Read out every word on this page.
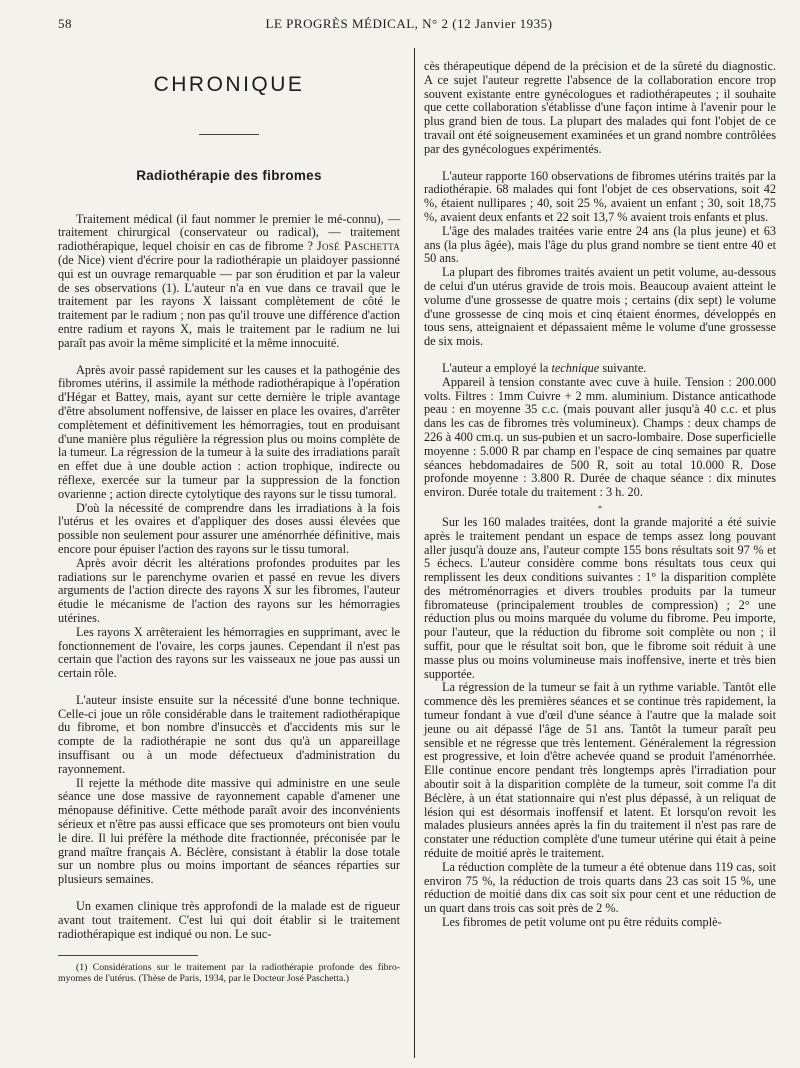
58	LE PROGRÈS MÉDICAL, N° 2 (12 Janvier 1935)
CHRONIQUE
Radiothérapie des fibromes

Traitement médical (il faut nommer le premier le mé-connu), — traitement chirurgical (conservateur ou radical), — traitement radiothérapique, lequel choisir en cas de fibrome ? José Paschetta (de Nice) vient d'écrire pour la radiothérapie un plaidoyer passionné qui est un ouvrage remarquable — par son érudition et par la valeur de ses observations (1). L'auteur n'a en vue dans ce travail que le traitement par les rayons X laissant complètement de côté le traitement par le radium ; non pas qu'il trouve une différence d'action entre radium et rayons X, mais le traitement par le radium ne lui paraît pas avoir la même simplicité et la même innocuité.

Après avoir passé rapidement sur les causes et la pathogénie des fibromes utérins, il assimile la méthode radiothérapique à l'opération d'Hégar et Battey, mais, ayant sur cette dernière le triple avantage d'être absolument noffensive, de laisser en place les ovaires, d'arrêter complètement et définitivement les hémorragies, tout en produisant d'une manière plus régulière la régression plus ou moins complète de la tumeur. La régression de la tumeur à la suite des irradiations paraît en effet due à une double action : action trophique, indirecte ou réflexe, exercée sur la tumeur par la suppression de la fonction ovarienne ; action directe cytolytique des rayons sur le tissu tumoral.

D'où la nécessité de comprendre dans les irradiations à la fois l'utérus et les ovaires et d'appliquer des doses aussi élevées que possible non seulement pour assurer une aménorrhée définitive, mais encore pour épuiser l'action des rayons sur le tissu tumoral.

Après avoir décrit les altérations profondes produites par les radiations sur le parenchyme ovarien et passé en revue les divers arguments de l'action directe des rayons X sur les fibromes, l'auteur étudie le mécanisme de l'action des rayons sur les hémorragies utérines.

Les rayons X arrêteraient les hémorragies en supprimant, avec le fonctionnement de l'ovaire, les corps jaunes. Cependant il n'est pas certain que l'action des rayons sur les vaisseaux ne joue pas aussi un certain rôle.

L'auteur insiste ensuite sur la nécessité d'une bonne technique. Celle-ci joue un rôle considérable dans le traitement radiothérapique du fibrome, et bon nombre d'insuccès et d'accidents mis sur le compte de la radiothérapie ne sont dus qu'à un appareillage insuffisant ou à un mode défectueux d'administration du rayonnement.

Il rejette la méthode dite massive qui administre en une seule séance une dose massive de rayonnement capable d'amener une ménopause définitive. Cette méthode paraît avoir des inconvénients sérieux et n'être pas aussi efficace que ses promoteurs ont bien voulu le dire. Il lui préfère la méthode dite fractionnée, préconisée par le grand maître français A. Béclère, consistant à établir la dose totale sur un nombre plus ou moins important de séances réparties sur plusieurs semaines.

Un examen clinique très approfondi de la malade est de rigueur avant tout traitement. C'est lui qui doit établir si le traitement radiothérapique est indiqué ou non. Le suc-

(1) Considérations sur le traitement par la radiothérapie profonde des fibro-myomes de l'utérus. (Thèse de Paris, 1934, par le Docteur José Paschetta.)

cès thérapeutique dépend de la précision et de la sûreté du diagnostic. A ce sujet l'auteur regrette l'absence de la collaboration encore trop souvent existante entre gynécologues et radiothérapeutes ; il souhaite que cette collaboration s'établisse d'une façon intime à l'avenir pour le plus grand bien de tous. La plupart des malades qui font l'objet de ce travail ont été soigneusement examinées et un grand nombre contrôlées par des gynécologues expérimentés.

L'auteur rapporte 160 observations de fibromes utérins traités par la radiothérapie. 68 malades qui font l'objet de ces observations, soit 42 %, étaient nullipares ; 40, soit 25 %, avaient un enfant ; 30, soit 18,75 %, avaient deux enfants et 22 soit 13,7 % avaient trois enfants et plus.

L'âge des malades traitées varie entre 24 ans (la plus jeune) et 63 ans (la plus âgée), mais l'âge du plus grand nombre se tient entre 40 et 50 ans.

La plupart des fibromes traités avaient un petit volume, au-dessous de celui d'un utérus gravide de trois mois. Beaucoup avaient atteint le volume d'une grossesse de quatre mois ; certains (dix sept) le volume d'une grossesse de cinq mois et cinq étaient énormes, développés en tous sens, atteignaient et dépassaient même le volume d'une grossesse de six mois.

L'auteur a employé la technique suivante.

Appareil à tension constante avec cuve à huile. Tension : 200.000 volts. Filtres : 1mm Cuivre + 2 mm. aluminium. Distance anticathode peau : en moyenne 35 c.c. (mais pouvant aller jusqu'à 40 c.c. et plus dans les cas de fibromes très volumineux). Champs : deux champs de 226 à 400 cm.q. un sus-pubien et un sacro-lombaire. Dose superficielle moyenne : 5.000 R par champ en l'espace de cinq semaines par quatre séances hebdomadaires de 500 R, soit au total 10.000 R. Dose profonde moyenne : 3.800 R. Durée de chaque séance : dix minutes environ. Durée totale du traitement : 3 h. 20.

*

Sur les 160 malades traitées, dont la grande majorité a été suivie après le traitement pendant un espace de temps assez long pouvant aller jusqu'à douze ans, l'auteur compte 155 bons résultats soit 97 % et 5 échecs. L'auteur considère comme bons résultats tous ceux qui remplissent les deux conditions suivantes : 1° la disparition complète des métroménorragies et divers troubles produits par la tumeur fibromateuse (principalement troubles de compression) ; 2° une réduction plus ou moins marquée du volume du fibrome. Peu importe, pour l'auteur, que la réduction du fibrome soit complète ou non ; il suffit, pour que le résultat soit bon, que le fibrome soit réduit à une masse plus ou moins volumineuse mais inoffensive, inerte et très bien supportée.

La régression de la tumeur se fait à un rythme variable. Tantôt elle commence dès les premières séances et se continue très rapidement, la tumeur fondant à vue d'œil d'une séance à l'autre que la malade soit jeune ou ait dépassé l'âge de 51 ans. Tantôt la tumeur paraît peu sensible et ne régresse que très lentement. Généralement la régression est progressive, et loin d'être achevée quand se produit l'aménorrhée. Elle continue encore pendant très longtemps après l'irradiation pour aboutir soit à la disparition complète de la tumeur, soit comme l'a dit Béclère, à un état stationnaire qui n'est plus dépassé, à un reliquat de lésion qui est désormais inoffensif et latent. Et lorsqu'on revoit les malades plusieurs années après la fin du traitement il n'est pas rare de constater une réduction complète d'une tumeur utérine qui était à peine réduite de moitié après le traitement.

La réduction complète de la tumeur a été obtenue dans 119 cas, soit environ 75 %, la réduction de trois quarts dans 23 cas soit 15 %, une réduction de moitié dans dix cas soit six pour cent et une réduction de un quart dans trois cas soit près de 2 %.

Les fibromes de petit volume ont pu être réduits complè-
